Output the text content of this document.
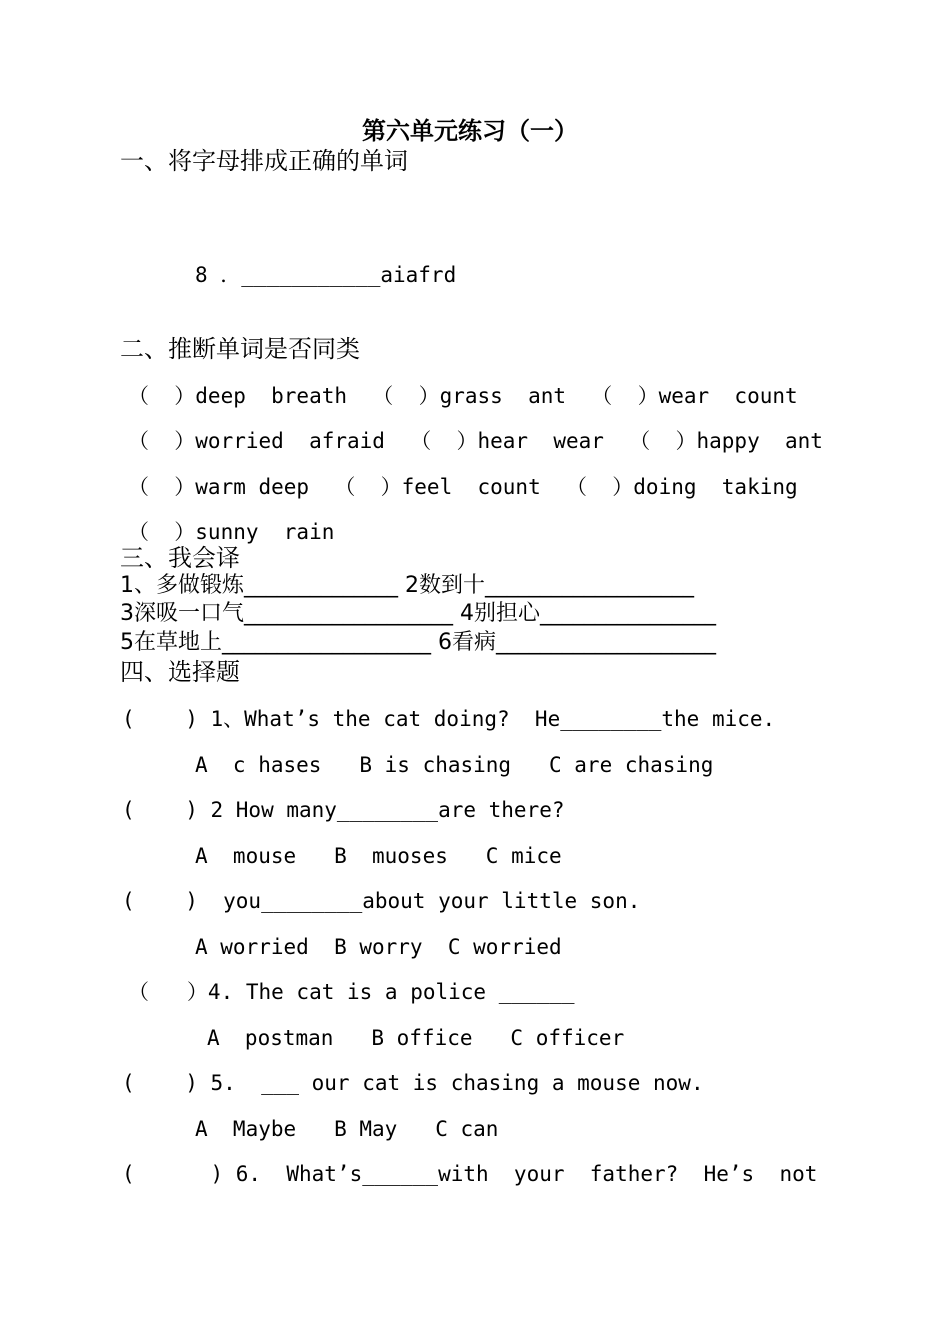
第六单元练习（一）
一、将字母排成正确的单词
8 ．___________aiafrd
二、推断单词是否同类
（  ）deep  breath  （  ）grass  ant  （  ）wear  count
（  ）worried  afraid  （  ）hear  wear  （  ）happy  ant
（  ）warm deep  （  ）feel  count  （  ）doing  taking
（  ）sunny  rain
三、我会译
1、多做锻炼______________ 2数到十___________________
3深吸一口气___________________ 4别担心________________
5在草地上___________________ 6看病____________________
四、选择题
(    ) 1、What’s the cat doing?  He________the mice.
A  c hases   B is chasing   C are chasing
(    ) 2 How many________are there?
A  mouse   B  muoses   C mice
(    )  you________about your little son.
A worried  B worry  C worried
（   ）4. The cat is a police ______
A  postman   B office   C officer
(    ) 5.  ___ our cat is chasing a mouse now.
A  Maybe   B May   C can
(      ) 6.  What’s______with  your  father?  He’s  not
